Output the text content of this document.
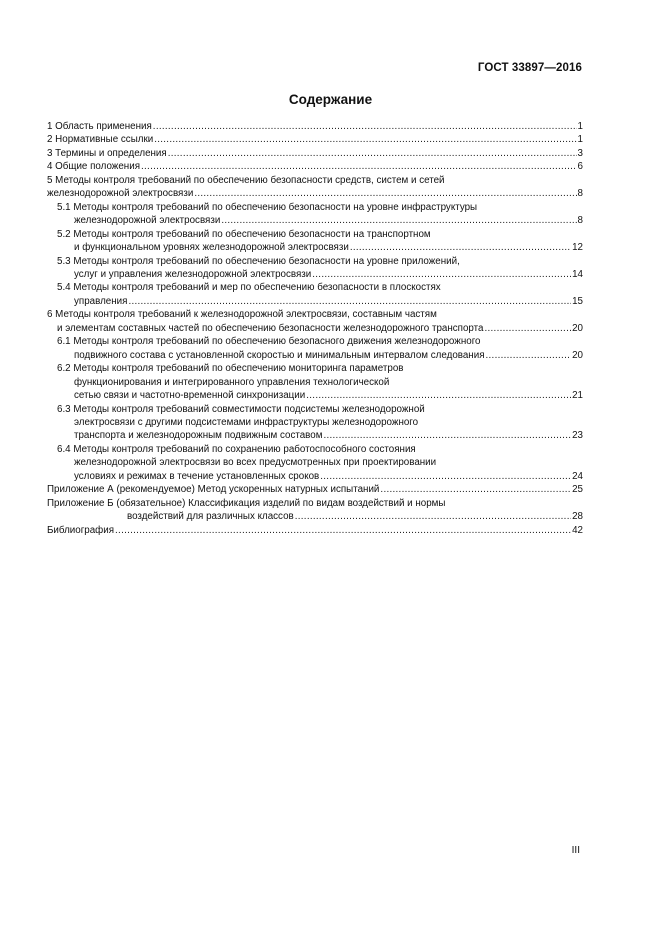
ГОСТ 33897—2016
Содержание
1 Область применения .....	1
2 Нормативные ссылки .....	1
3 Термины и определения .....	3
4 Общие положения .....	6
5 Методы контроля требований по обеспечению безопасности средств, систем и сетей
железнодорожной электросвязи .....	8
5.1 Методы контроля требований по обеспечению безопасности на уровне инфраструктуры
железнодорожной электросвязи .....	8
5.2 Методы контроля требований по обеспечению безопасности на транспортном
и функциональном уровнях железнодорожной электросвязи .....	12
5.3 Методы контроля требований по обеспечению безопасности на уровне приложений,
услуг и управления железнодорожной электросвязи .....	14
5.4 Методы контроля требований и мер по обеспечению безопасности в плоскостях
управления .....	15
6 Методы контроля требований к железнодорожной электросвязи, составным частям
и элементам составных частей по обеспечению безопасности железнодорожного транспорта .....	20
6.1 Методы контроля требований по обеспечению безопасного движения железнодорожного
подвижного состава с установленной скоростью и минимальным интервалом следования .....	20
6.2 Методы контроля требований по обеспечению мониторинга параметров
функционирования и интегрированного управления технологической
сетью связи и частотно-временной синхронизации .....	21
6.3 Методы контроля требований совместимости подсистемы железнодорожной
электросвязи с другими подсистемами инфраструктуры железнодорожного
транспорта и железнодорожным подвижным составом .....	23
6.4 Методы контроля требований по сохранению работоспособного состояния
железнодорожной электросвязи во всех предусмотренных при проектировании
условиях и режимах в течение установленных сроков .....	24
Приложение А (рекомендуемое) Метод ускоренных натурных испытаний .....	25
Приложение Б (обязательное) Классификация изделий по видам воздействий и нормы
воздействий для различных классов .....	28
Библиография .....	42
III
